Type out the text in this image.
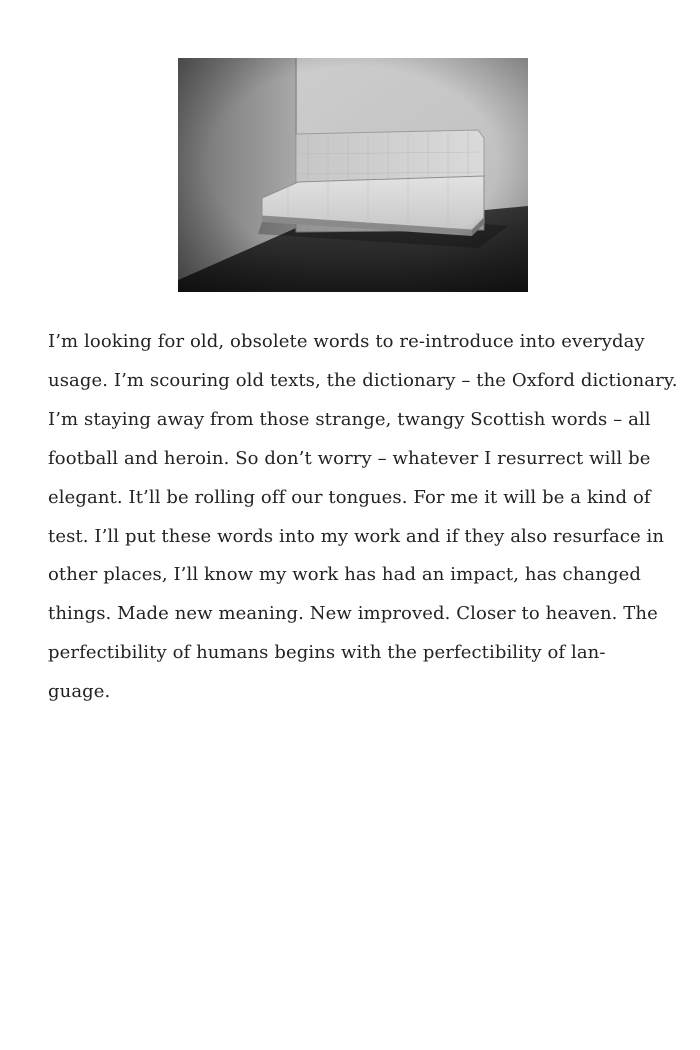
I’m looking for old, obsolete words to re-introduce into everyday
usage. I’m scouring old texts, the dictionary – the Oxford dictionary.
I’m staying away from those strange, twangy Scottish words – all
football and heroin. So don’t worry – whatever I resurrect will be
elegant. It’ll be rolling off our tongues. For me it will be a kind of
test. I’ll put these words into my work and if they also resurface in
other places, I’ll know my work has had an impact, has changed
things. Made new meaning. New improved. Closer to heaven. The
perfectibility of humans begins with the perfectibility of lan-
guage.
